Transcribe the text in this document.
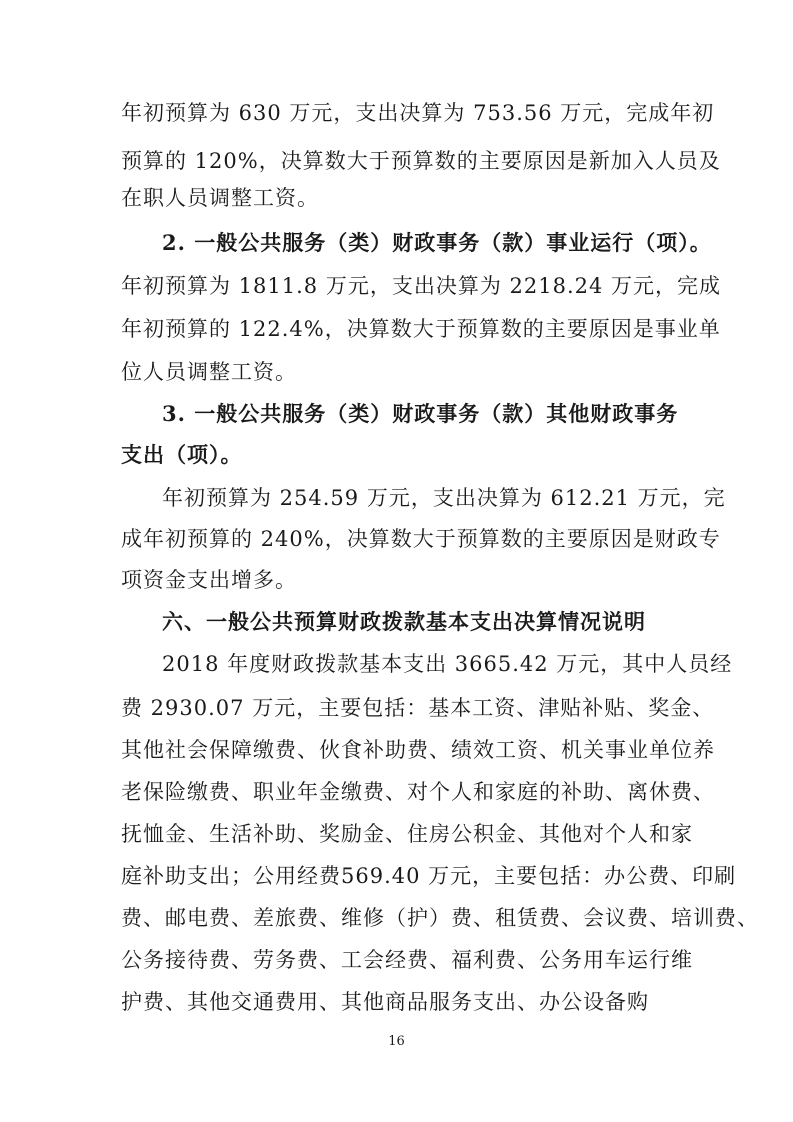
年初预算为 630 万元，支出决算为 753.56 万元，完成年初
预算的 120%，决算数大于预算数的主要原因是新加入人员及
在职人员调整工资。
2. 一般公共服务（类）财政事务（款）事业运行（项）。
年初预算为 1811.8 万元，支出决算为 2218.24 万元，完成
年初预算的 122.4%，决算数大于预算数的主要原因是事业单
位人员调整工资。
3. 一般公共服务（类）财政事务（款）其他财政事务
支出（项）。
年初预算为 254.59 万元，支出决算为 612.21 万元，完
成年初预算的 240%，决算数大于预算数的主要原因是财政专
项资金支出增多。
六、一般公共预算财政拨款基本支出决算情况说明
2018 年度财政拨款基本支出 3665.42 万元，其中人员经
费 2930.07 万元，主要包括：基本工资、津贴补贴、奖金、
其他社会保障缴费、伙食补助费、绩效工资、机关事业单位养
老保险缴费、职业年金缴费、对个人和家庭的补助、离休费、
抚恤金、生活补助、奖励金、住房公积金、其他对个人和家
庭补助支出；公用经费569.40 万元，主要包括：办公费、印刷
费、邮电费、差旅费、维修（护）费、租赁费、会议费、培训费、
公务接待费、劳务费、工会经费、福利费、公务用车运行维
护费、其他交通费用、其他商品服务支出、办公设备购
16
